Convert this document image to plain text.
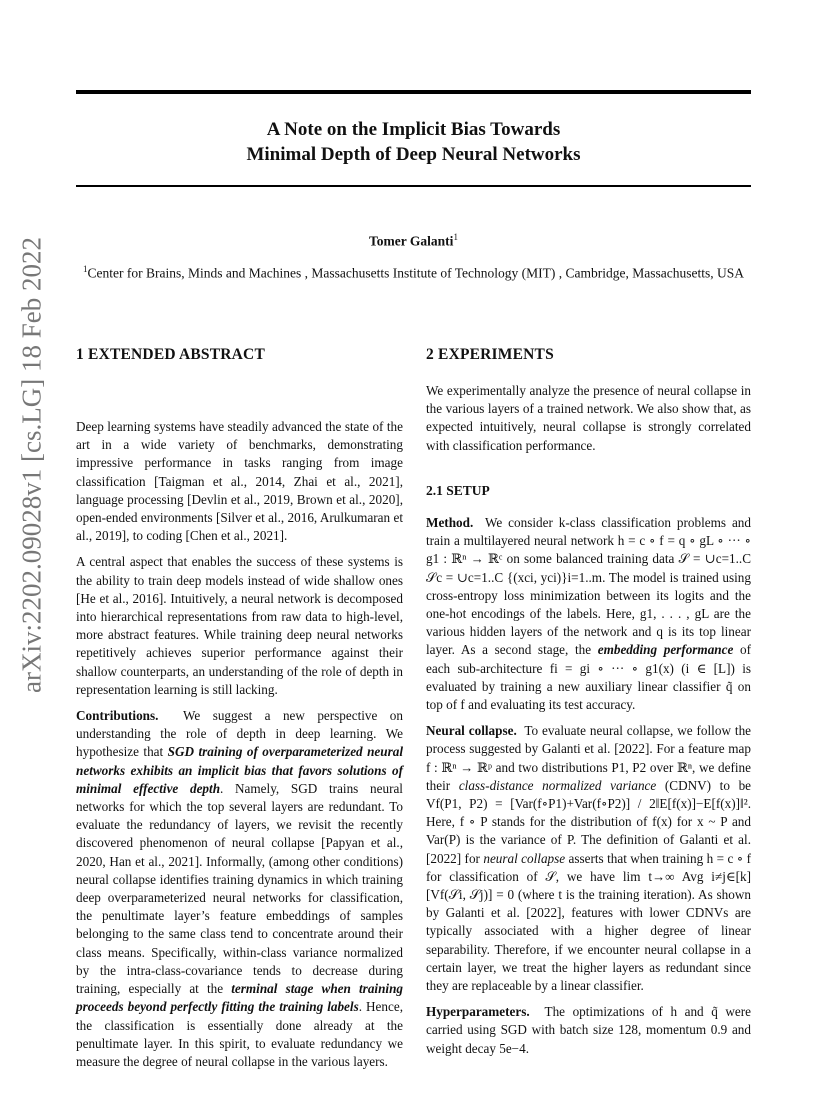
A Note on the Implicit Bias Towards
Minimal Depth of Deep Neural Networks
Tomer Galanti$^1$
$^1$Center for Brains, Minds and Machines , Massachusetts Institute of Technology (MIT) , Cambridge, Massachusetts, USA
arXiv:2202.09028v1 [cs.LG] 18 Feb 2022 1 EXTENDED ABSTRACT	2 EXPERIMENTS
2.1 SETUP

Deep learning systems have steadily advanced the state of the art in a wide variety of benchmarks, demonstrating impressive performance in tasks ranging from image classification [Taigman et al., 2014, Zhai et al., 2021], language processing [Devlin et al., 2019, Brown et al., 2020], open-ended environments [Silver et al., 2016, Arulkumaran et al., 2019], to coding [Chen et al., 2021].

A central aspect that enables the success of these systems is the ability to train deep models instead of wide shallow ones [He et al., 2016]. Intuitively, a neural network is decomposed into hierarchical representations from raw data to high-level, more abstract features. While training deep neural networks repetitively achieves superior performance against their shallow counterparts, an understanding of the role of depth in representation learning is still lacking.

Contributions. We suggest a new perspective on understanding the role of depth in deep learning. We hypothesize that SGD training of overparameterized neural networks exhibits an implicit bias that favors solutions of minimal effective depth. Namely, SGD trains neural networks for which the top several layers are redundant. To evaluate the redundancy of layers, we revisit the recently discovered phenomenon of neural collapse [Papyan et al., 2020, Han et al., 2021]. Informally, (among other conditions) neural collapse identifies training dynamics in which training deep overparameterized neural networks for classification, the penultimate layer’s feature embeddings of samples belonging to the same class tend to concentrate around their class means. Specifically, within-class variance normalized by the intra-class-covariance tends to decrease during training, especially at the terminal stage when training proceeds beyond perfectly fitting the training labels. Hence, the classification is essentially done already at the penultimate layer. In this spirit, to evaluate redundancy we measure the degree of neural collapse in the various layers.

We experimentally analyze the presence of neural collapse in the various layers of a trained network. We also show that, as expected intuitively, neural collapse is strongly correlated with classification performance.

Method. We consider k-class classification problems and train a multilayered neural network h = c ∘ f = q ∘ gL ∘ ··· ∘ g1 : ℝⁿ → ℝᶜ on some balanced training data 𝒮 = ∪c=1..C 𝒮c = ∪c=1..C {(xci, yci)}i=1..m. The model is trained using cross-entropy loss minimization between its logits and the one-hot encodings of the labels. Here, g1, . . . , gL are the various hidden layers of the network and q is its top linear layer. As a second stage, the embedding performance of each sub-architecture fi = gi ∘ ··· ∘ g1(x) (i ∈ [L]) is evaluated by training a new auxiliary linear classifier q̃ on top of f and evaluating its test accuracy.

Neural collapse. To evaluate neural collapse, we follow the process suggested by Galanti et al. [2022]. For a feature map f : ℝⁿ → ℝᵖ and two distributions P1, P2 over ℝⁿ, we define their class-distance normalized variance (CDNV) to be Vf(P1, P2) = [Var(f∘P1)+Var(f∘P2)] / 2‖E[f(x)]−E[f(x)]‖². Here, f ∘ P stands for the distribution of f(x) for x ~ P and Var(P) is the variance of P. The definition of Galanti et al. [2022] for neural collapse asserts that when training h = c ∘ f for classification of 𝒮, we have lim t→∞ Avg i≠j∈[k] [Vf(𝒮i, 𝒮j)] = 0 (where t is the training iteration). As shown by Galanti et al. [2022], features with lower CDNVs are typically associated with a higher degree of linear separability. Therefore, if we encounter neural collapse in a certain layer, we treat the higher layers as redundant since they are replaceable by a linear classifier.

Hyperparameters. The optimizations of h and q̃ were carried using SGD with batch size 128, momentum 0.9 and weight decay 5e−4.
